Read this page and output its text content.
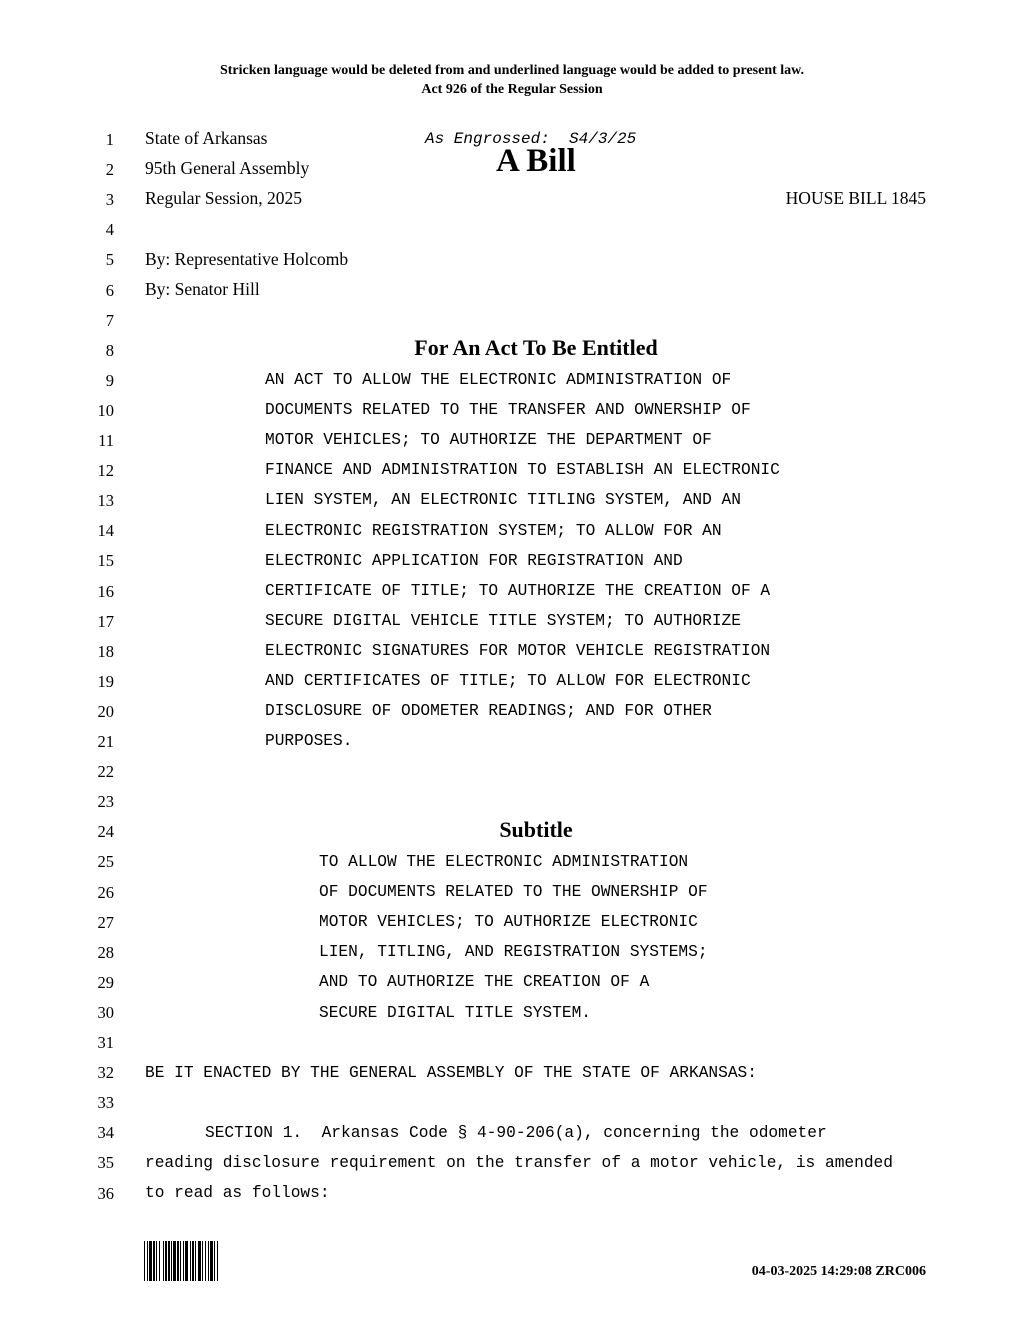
Stricken language would be deleted from and underlined language would be added to present law.
Act 926 of the Regular Session
1
2
3
4
5
6
7
8
9
10
11
12
13
14
15
16
17
18
19
20
21
22
23
24
25
26
27
28
29
30
31
32
33
34
35
36
State of Arkansas	As Engrossed:  S4/3/25
95th General Assembly	A Bill
Regular Session, 2025	HOUSE BILL 1845
By: Representative Holcomb
By: Senator Hill
For An Act To Be Entitled
AN ACT TO ALLOW THE ELECTRONIC ADMINISTRATION OF
DOCUMENTS RELATED TO THE TRANSFER AND OWNERSHIP OF
MOTOR VEHICLES; TO AUTHORIZE THE DEPARTMENT OF
FINANCE AND ADMINISTRATION TO ESTABLISH AN ELECTRONIC
LIEN SYSTEM, AN ELECTRONIC TITLING SYSTEM, AND AN
ELECTRONIC REGISTRATION SYSTEM; TO ALLOW FOR AN
ELECTRONIC APPLICATION FOR REGISTRATION AND
CERTIFICATE OF TITLE; TO AUTHORIZE THE CREATION OF A
SECURE DIGITAL VEHICLE TITLE SYSTEM; TO AUTHORIZE
ELECTRONIC SIGNATURES FOR MOTOR VEHICLE REGISTRATION
AND CERTIFICATES OF TITLE; TO ALLOW FOR ELECTRONIC
DISCLOSURE OF ODOMETER READINGS; AND FOR OTHER
PURPOSES.
Subtitle
TO ALLOW THE ELECTRONIC ADMINISTRATION
OF DOCUMENTS RELATED TO THE OWNERSHIP OF
MOTOR VEHICLES; TO AUTHORIZE ELECTRONIC
LIEN, TITLING, AND REGISTRATION SYSTEMS;
AND TO AUTHORIZE THE CREATION OF A
SECURE DIGITAL TITLE SYSTEM.
BE IT ENACTED BY THE GENERAL ASSEMBLY OF THE STATE OF ARKANSAS:
SECTION 1.  Arkansas Code § 4-90-206(a), concerning the odometer
reading disclosure requirement on the transfer of a motor vehicle, is amended
to read as follows:
04-03-2025 14:29:08 ZRC006
